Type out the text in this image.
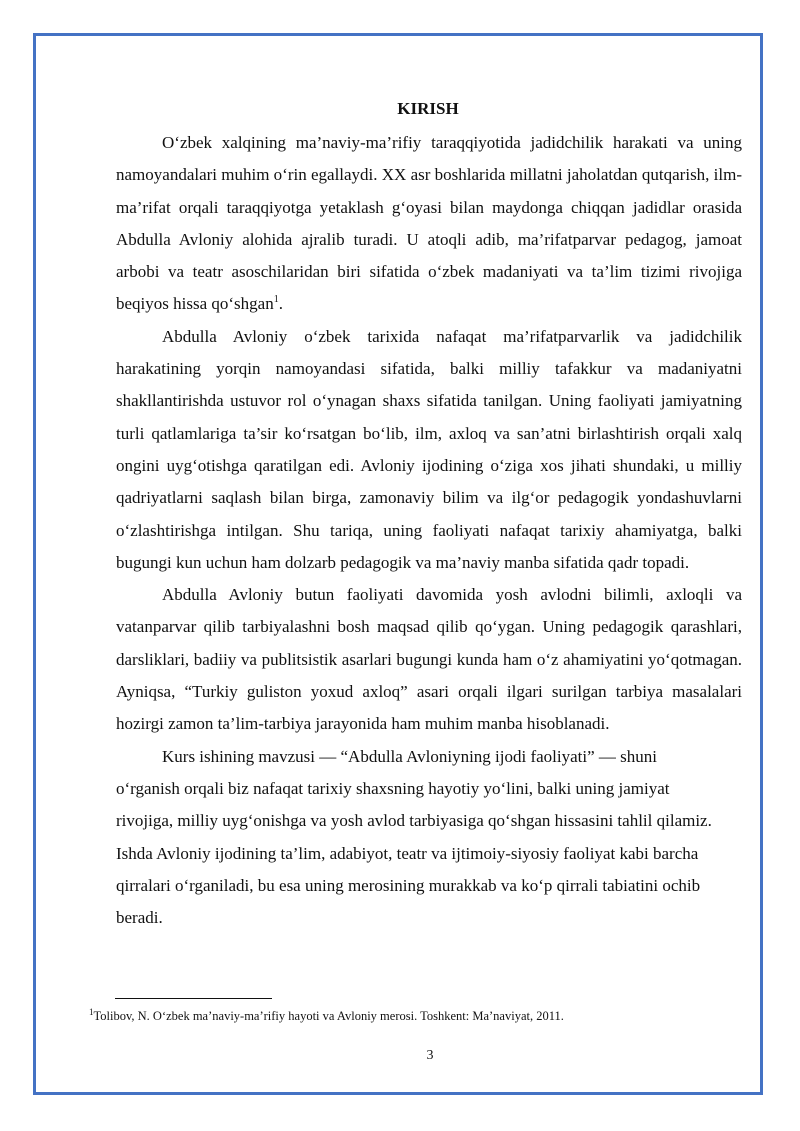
KIRISH

O‘zbek xalqining ma’naviy-ma’rifiy taraqqiyotida jadidchilik harakati va uning namoyandalari muhim o‘rin egallaydi. XX asr boshlarida millatni jaholatdan qutqarish, ilm-ma’rifat orqali taraqqiyotga yetaklash g‘oyasi bilan maydonga chiqqan jadidlar orasida Abdulla Avloniy alohida ajralib turadi. U atoqli adib, ma’rifatparvar pedagog, jamoat arbobi va teatr asoschilaridan biri sifatida o‘zbek madaniyati va ta’lim tizimi rivojiga beqiyos hissa qo‘shgan$^1$.

Abdulla Avloniy o‘zbek tarixida nafaqat ma’rifatparvarlik va jadidchilik harakatining yorqin namoyandasi sifatida, balki milliy tafakkur va madaniyatni shakllantirishda ustuvor rol o‘ynagan shaxs sifatida tanilgan. Uning faoliyati jamiyatning turli qatlamlariga ta’sir ko‘rsatgan bo‘lib, ilm, axloq va san’atni birlashtirish orqali xalq ongini uyg‘otishga qaratilgan edi. Avloniy ijodining o‘ziga xos jihati shundaki, u milliy qadriyatlarni saqlash bilan birga, zamonaviy bilim va ilg‘or pedagogik yondashuvlarni o‘zlashtirishga intilgan. Shu tariqa, uning faoliyati nafaqat tarixiy ahamiyatga, balki bugungi kun uchun ham dolzarb pedagogik va ma’naviy manba sifatida qadr topadi.

Abdulla Avloniy butun faoliyati davomida yosh avlodni bilimli, axloqli va vatanparvar qilib tarbiyalashni bosh maqsad qilib qo‘ygan. Uning pedagogik qarashlari, darsliklari, badiiy va publitsistik asarlari bugungi kunda ham o‘z ahamiyatini yo‘qotmagan. Ayniqsa, “Turkiy guliston yoxud axloq” asari orqali ilgari surilgan tarbiya masalalari hozirgi zamon ta’lim-tarbiya jarayonida ham muhim manba hisoblanadi.

Kurs ishining mavzusi — “Abdulla Avloniyning ijodi faoliyati” — shuni o‘rganish orqali biz nafaqat tarixiy shaxsning hayotiy yo‘lini, balki uning jamiyat rivojiga, milliy uyg‘onishga va yosh avlod tarbiyasiga qo‘shgan hissasini tahlil qilamiz. Ishda Avloniy ijodining ta’lim, adabiyot, teatr va ijtimoiy-siyosiy faoliyat kabi barcha qirralari o‘rganiladi, bu esa uning merosining murakkab va ko‘p qirrali tabiatini ochib beradi.

$^1$Tolibov, N. O‘zbek ma’naviy-ma’rifiy hayoti va Avloniy merosi. Toshkent: Ma’naviyat, 2011.
3
